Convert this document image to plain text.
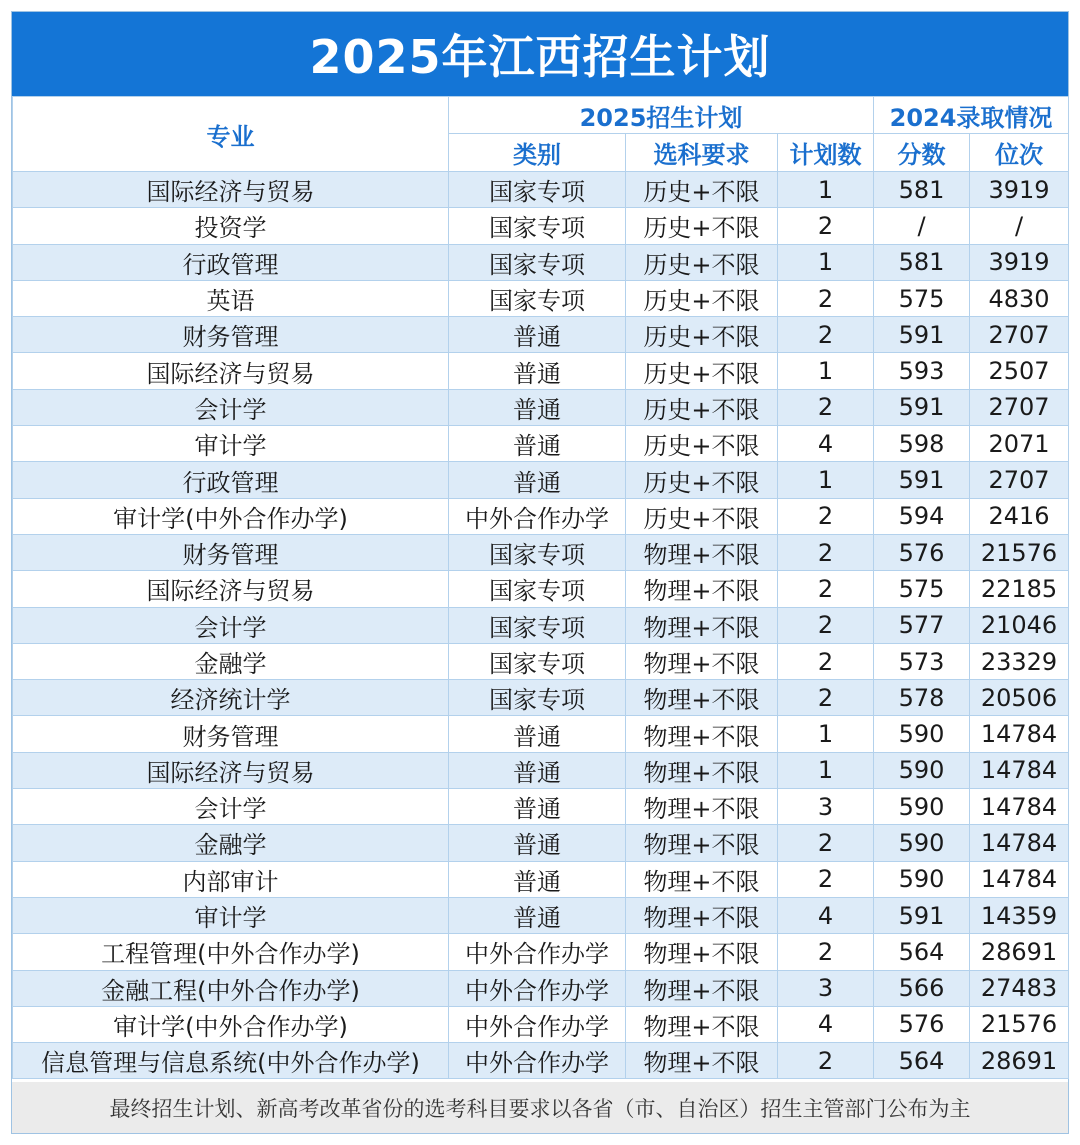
2025年江西招生计划
专业	2025招生计划			2024录取情况	
	类别	选科要求	计划数	分数	位次
国际经济与贸易	国家专项	历史+不限	1	581	3919
投资学	国家专项	历史+不限	2	/	/
行政管理	国家专项	历史+不限	1	581	3919
英语	国家专项	历史+不限	2	575	4830
财务管理	普通	历史+不限	2	591	2707
国际经济与贸易	普通	历史+不限	1	593	2507
会计学	普通	历史+不限	2	591	2707
审计学	普通	历史+不限	4	598	2071
行政管理	普通	历史+不限	1	591	2707
审计学(中外合作办学)	中外合作办学	历史+不限	2	594	2416
财务管理	国家专项	物理+不限	2	576	21576
国际经济与贸易	国家专项	物理+不限	2	575	22185
会计学	国家专项	物理+不限	2	577	21046
金融学	国家专项	物理+不限	2	573	23329
经济统计学	国家专项	物理+不限	2	578	20506
财务管理	普通	物理+不限	1	590	14784
国际经济与贸易	普通	物理+不限	1	590	14784
会计学	普通	物理+不限	3	590	14784
金融学	普通	物理+不限	2	590	14784
内部审计	普通	物理+不限	2	590	14784
审计学	普通	物理+不限	4	591	14359
工程管理(中外合作办学)	中外合作办学	物理+不限	2	564	28691
金融工程(中外合作办学)	中外合作办学	物理+不限	3	566	27483
审计学(中外合作办学)	中外合作办学	物理+不限	4	576	21576
信息管理与信息系统(中外合作办学)	中外合作办学	物理+不限	2	564	28691
最终招生计划、新高考改革省份的选考科目要求以各省（市、自治区）招生主管部门公布为主
